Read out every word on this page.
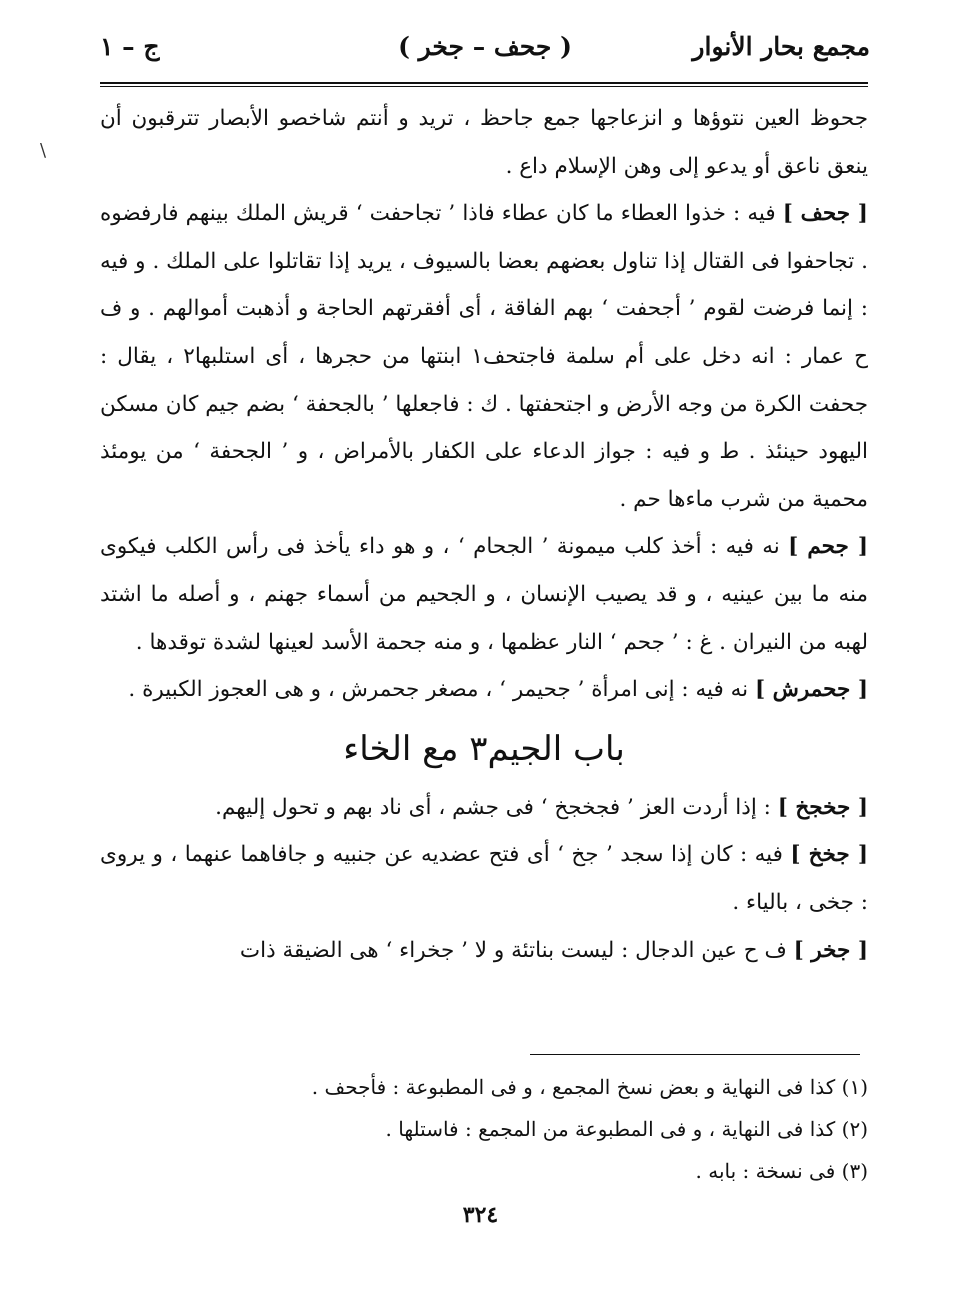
مجمع بحار الأنوار
( جحف – جخر )
ج – ١
\

جحوظ العين نتوؤها و انزعاجها جمع جاحظ ، تريد و أنتم شاخصو الأبصار تترقبون أن ينعق ناعق أو يدعو إلى وهن الإسلام داع .

[ جحف ] فيه : خذوا العطاء ما كان عطاء فاذا ’ تجاحفت ‘ قريش الملك بينهم فارفضوه . تجاحفوا فى القتال إذا تناول بعضهم بعضا بالسيوف ، يريد إذا تقاتلوا على الملك . و فيه : إنما فرضت لقوم ’ أجحفت ‘ بهم الفاقة ، أى أفقرتهم الحاجة و أذهبت أموالهم . و ف ح عمار : انه دخل على أم سلمة فاجتحف١ ابنتها من حجرها ، أى استلبها٢ ، يقال : جحفت الكرة من وجه الأرض و اجتحفتها . ك : فاجعلها ’ بالجحفة ‘ بضم جيم كان مسكن اليهود حينئذ . ط و فيه : جواز الدعاء على الكفار بالأمراض ، و ’ الجحفة ‘ من يومئذ محمية من شرب ماءها حم .

[ جحم ] نه فيه : أخذ كلب ميمونة ’ الجحام ‘ ، و هو داء يأخذ فى رأس الكلب فيكوى منه ما بين عينيه ، و قد يصيب الإنسان ، و الجحيم من أسماء جهنم ، و أصله ما اشتد لهبه من النيران . غ : ’ جحم ‘ النار عظمها ، و منه جحمة الأسد لعينها لشدة توقدها .

[ جحمرش ] نه فيه : إنى امرأة ’ جحيمر ‘ ، مصغر جحمرش ، و هى العجوز الكبيرة .

باب الجيم٣ مع الخاء

[ جخجخ ] : إذا أردت العز ’ فجخجخ ‘ فى جشم ، أى ناد بهم و تحول إليهم.

[ جخخ ] فيه : كان إذا سجد ’ جخ ‘ أى فتح عضديه عن جنبيه و جافاهما عنهما ، و يروى : جخى ، بالياء .

[ جخر ] ف ح عين الدجال : ليست بناتئة و لا ’ جخراء ‘ هى الضيقة ذات

(١) كذا فى النهاية و بعض نسخ المجمع ، و فى المطبوعة : فأجحف .

(٢) كذا فى النهاية ، و فى المطبوعة من المجمع : فاستلها .

(٣) فى نسخة : بابه .

٣٢٤
